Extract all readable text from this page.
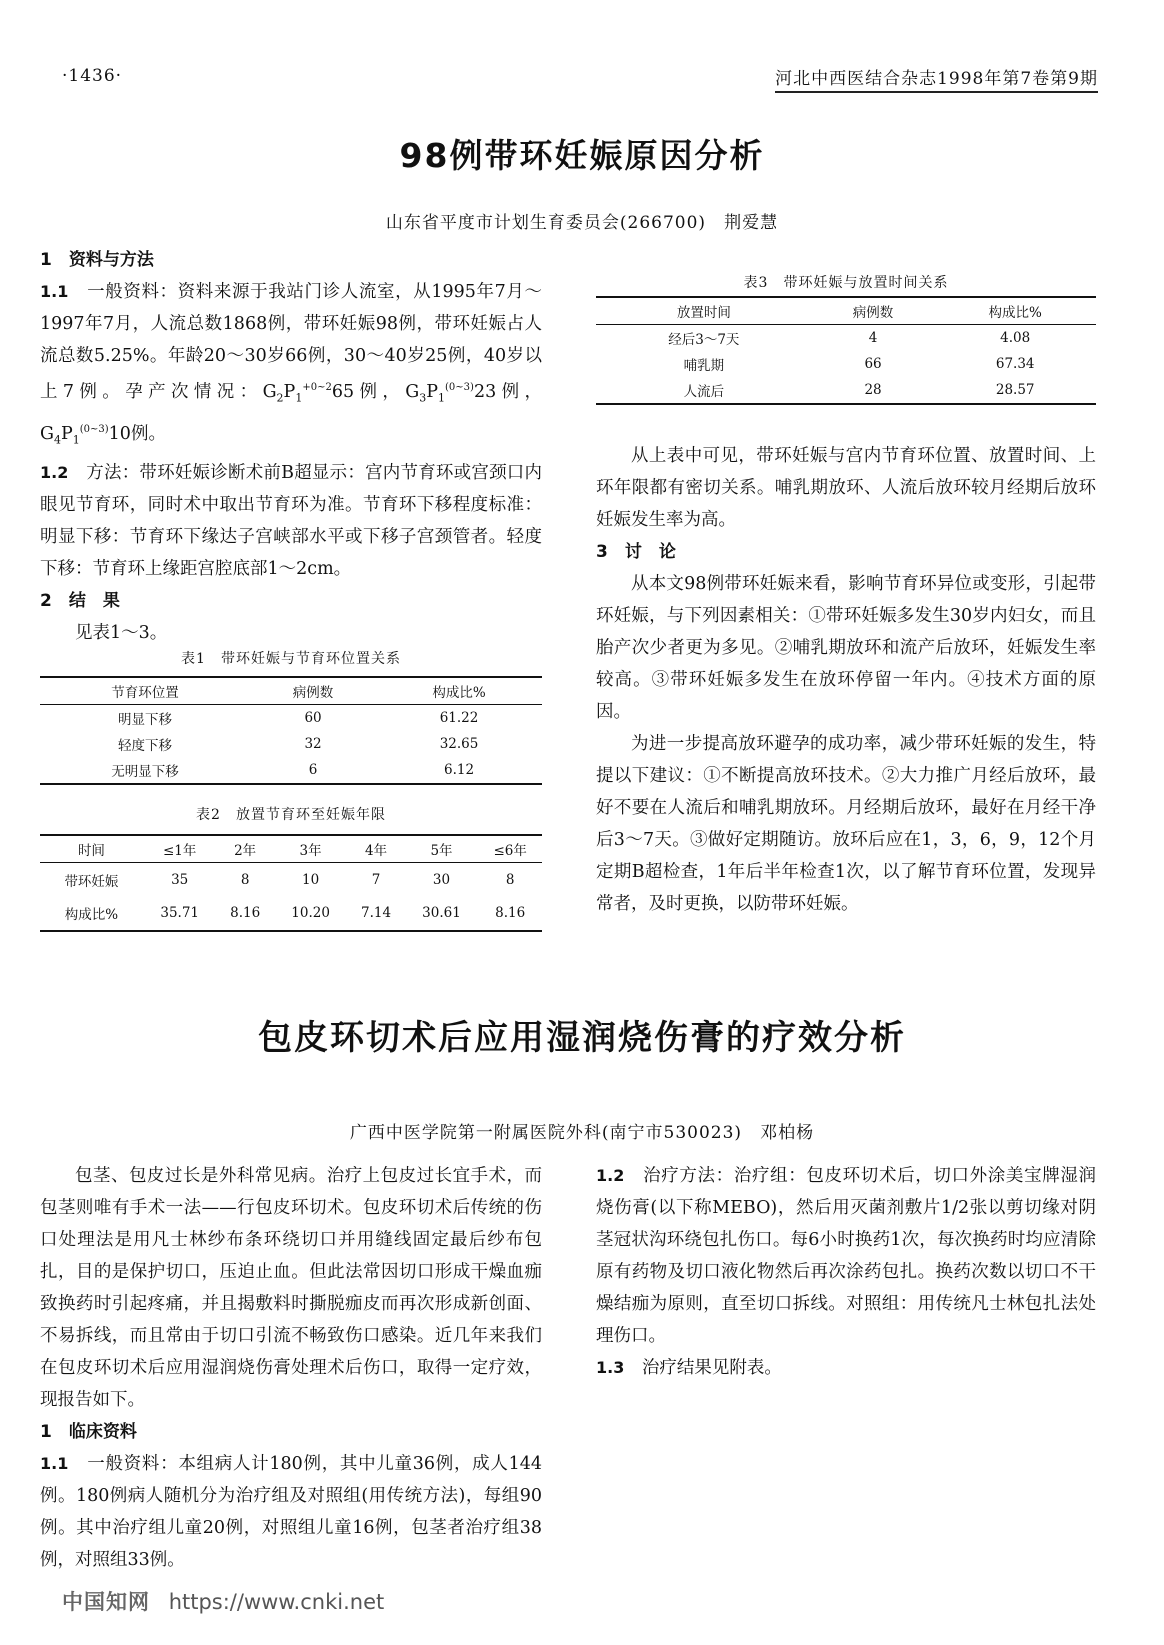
·1436·	河北中西医结合杂志1998年第7卷第9期
98例带环妊娠原因分析
山东省平度市计划生育委员会(266700)　荆爱慧

1　资料与方法

1.1　一般资料：资料来源于我站门诊人流室，从1995年7月～1997年7月，人流总数1868例，带环妊娠98例，带环妊娠占人流总数5.25%。年龄20～30岁66例，30～40岁25例，40岁以上7例。孕产次情况：$G_2P_1^{+0\sim 2}65$例，$G_3P_1^{(0\sim 3)}23$例，$G_4P_1^{(0\sim 3)}10$例。

1.2　方法：带环妊娠诊断术前B超显示：宫内节育环或宫颈口内眼见节育环，同时术中取出节育环为准。节育环下移程度标准：明显下移：节育环下缘达子宫峡部水平或下移子宫颈管者。轻度下移：节育环上缘距宫腔底部1～2cm。

2　结　果

见表1～3。

表1　带环妊娠与节育环位置关系
节育环位置	病例数	构成比%
明显下移	60	61.22
轻度下移	32	32.65
无明显下移	6	6.12
表2　放置节育环至妊娠年限
时间	≤1年	2年	3年	4年	5年	≤6年
带环妊娠	35	8	10	7	30	8
构成比%	35.71	8.16	10.20	7.14	30.61	8.16
表3　带环妊娠与放置时间关系
放置时间	病例数	构成比%
经后3～7天	4	4.08
哺乳期	66	67.34
人流后	28	28.57

从上表中可见，带环妊娠与宫内节育环位置、放置时间、上环年限都有密切关系。哺乳期放环、人流后放环较月经期后放环妊娠发生率为高。

3　讨　论

从本文98例带环妊娠来看，影响节育环异位或变形，引起带环妊娠，与下列因素相关：①带环妊娠多发生30岁内妇女，而且胎产次少者更为多见。②哺乳期放环和流产后放环，妊娠发生率较高。③带环妊娠多发生在放环停留一年内。④技术方面的原因。

为进一步提高放环避孕的成功率，减少带环妊娠的发生，特提以下建议：①不断提高放环技术。②大力推广月经后放环，最好不要在人流后和哺乳期放环。月经期后放环，最好在月经干净后3～7天。③做好定期随访。放环后应在1，3，6，9，12个月定期B超检查，1年后半年检查1次，以了解节育环位置，发现异常者，及时更换，以防带环妊娠。

包皮环切术后应用湿润烧伤膏的疗效分析
广西中医学院第一附属医院外科(南宁市530023)　邓柏杨

包茎、包皮过长是外科常见病。治疗上包皮过长宜手术，而包茎则唯有手术一法——行包皮环切术。包皮环切术后传统的伤口处理法是用凡士林纱布条环绕切口并用缝线固定最后纱布包扎，目的是保护切口，压迫止血。但此法常因切口形成干燥血痂致换药时引起疼痛，并且揭敷料时撕脱痂皮而再次形成新创面、不易拆线，而且常由于切口引流不畅致伤口感染。近几年来我们在包皮环切术后应用湿润烧伤膏处理术后伤口，取得一定疗效，现报告如下。

1　临床资料

1.1　一般资料：本组病人计180例，其中儿童36例，成人144例。180例病人随机分为治疗组及对照组(用传统方法)，每组90例。其中治疗组儿童20例，对照组儿童16例，包茎者治疗组38例，对照组33例。

1.2　治疗方法：治疗组：包皮环切术后，切口外涂美宝牌湿润烧伤膏(以下称MEBO)，然后用灭菌剂敷片1/2张以剪切缘对阴茎冠状沟环绕包扎伤口。每6小时换药1次，每次换药时均应清除原有药物及切口液化物然后再次涂药包扎。换药次数以切口不干燥结痂为原则，直至切口拆线。对照组：用传统凡士林包扎法处理伤口。

1.3　治疗结果见附表。

中国知网 https://www.cnki.net
